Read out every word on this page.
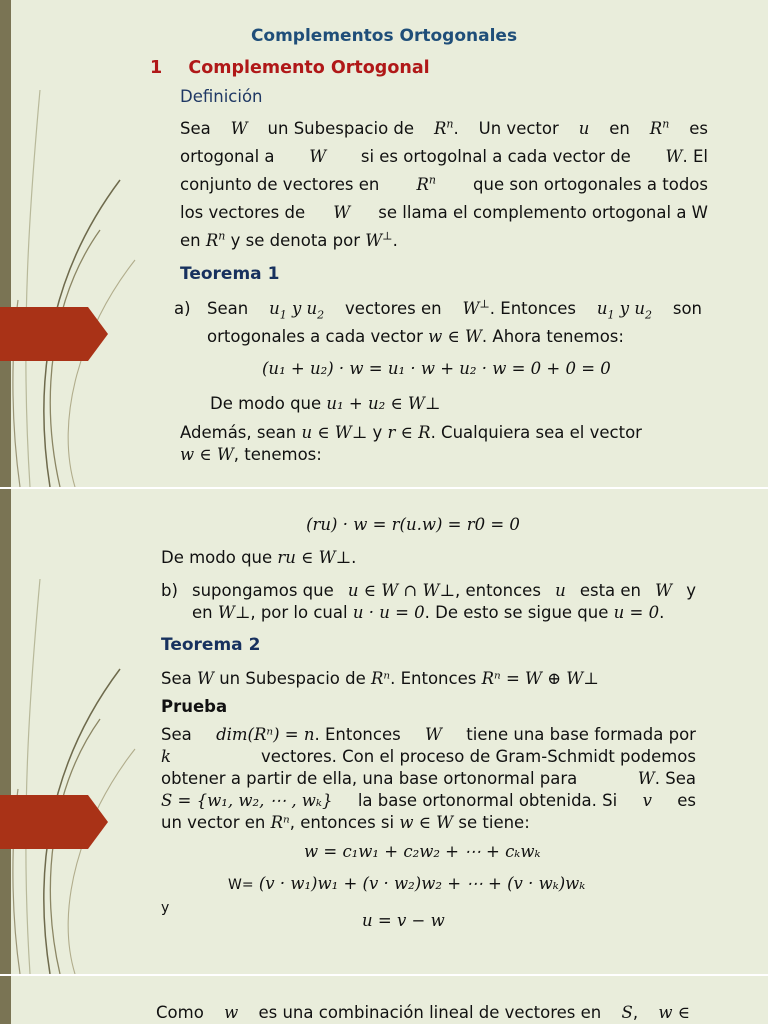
Complementos Ortogonales
1 Complemento Ortogonal
Definición
Sea W un Subespacio de $R^n$. Un vector u en $R^n$ es
ortogonal a W si es ortogolnal a cada vector de W. El
conjunto de vectores en $R^n$ que son ortogonales a todos
los vectores de W se llama el complemento ortogonal a W
en $R^n$ y se denota por W⊥.
Teorema 1
a) Sean $u_1$ y $u_2$ vectores en W⊥. Entonces $u_1$ y $u_2$ son
ortogonales a cada vector w ∈ W. Ahora tenemos:
(u₁ + u₂) · w = u₁ · w + u₂ · w = 0 + 0 = 0
De modo que u₁ + u₂ ∈ W⊥
Además, sean u ∈ W⊥ y r ∈ R. Cualquiera sea el vector
w ∈ W, tenemos:
(ru) · w = r(u.w) = r0 = 0
De modo que ru ∈ W⊥.
b) supongamos que u ∈ W ∩ W⊥, entonces u esta en W y
en W⊥, por lo cual u · u = 0. De esto se sigue que u = 0.
Teorema 2
Sea W un Subespacio de Rⁿ. Entonces Rⁿ = W ⊕ W⊥
Prueba
Sea dim(Rⁿ) = n. Entonces W tiene una base formada por
k	vectores. Con el proceso de Gram-Schmidt podemos
obtener a partir de ella, una base ortonormal para	W. Sea
S = {w₁, w₂, ⋯ , wₖ} la base ortonormal obtenida. Si v es
un vector en Rⁿ, entonces si w ∈ W se tiene:
w = c₁w₁ + c₂w₂ + ⋯ + cₖwₖ
W= (v · w₁)w₁ + (v · w₂)w₂ + ⋯ + (v · wₖ)wₖ
y
u = v − w
Como w es una combinación lineal de vectores en S, w ∈
